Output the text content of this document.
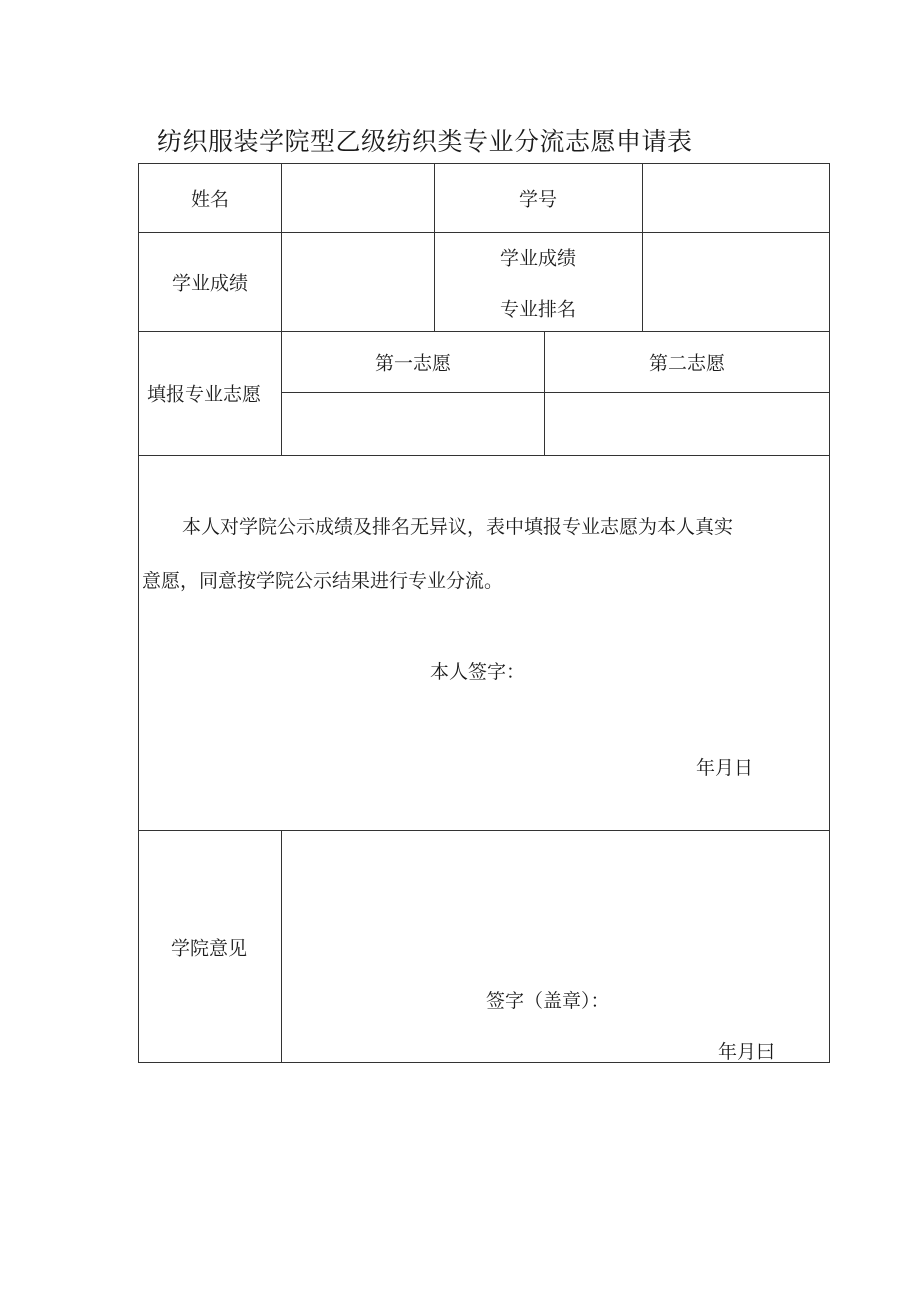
纺织服装学院型乙级纺织类专业分流志愿申请表
姓名	学号
学业成绩
学业成绩
专业排名
填报专业志愿
第一志愿	第二志愿
本人对学院公示成绩及排名无异议，表中填报专业志愿为本人真实
意愿，同意按学院公示结果进行专业分流。
本人签字：
年月日
学院意见
签字（盖章）：
年月曰
